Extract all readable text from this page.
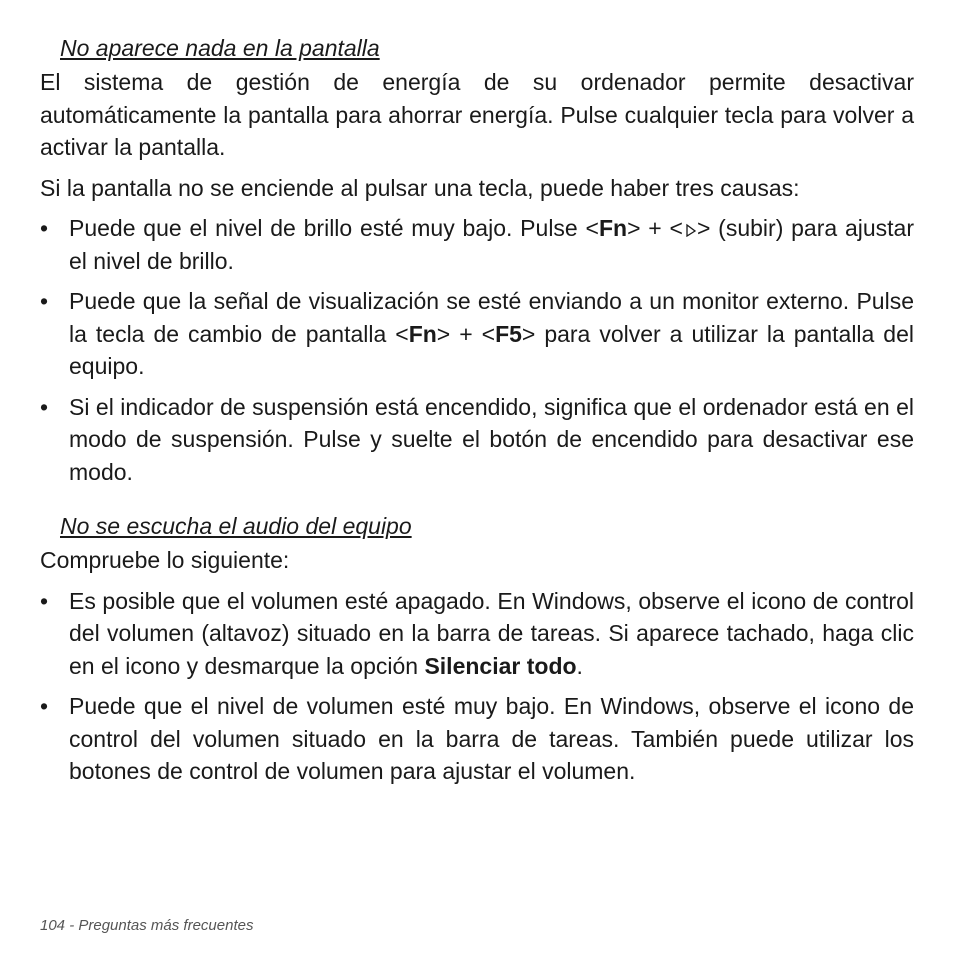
No aparece nada en la pantalla

El sistema de gestión de energía de su ordenador permite desactivar automáticamente la pantalla para ahorrar energía. Pulse cualquier tecla para volver a activar la pantalla.

Si la pantalla no se enciende al pulsar una tecla, puede haber tres causas:

• Puede que el nivel de brillo esté muy bajo. Pulse <Fn> + < > (subir) para ajustar el nivel de brillo.
• Puede que la señal de visualización se esté enviando a un monitor externo. Pulse la tecla de cambio de pantalla <Fn> + <F5> para volver a utilizar la pantalla del equipo.
• Si el indicador de suspensión está encendido, significa que el ordenador está en el modo de suspensión. Pulse y suelte el botón de encendido para desactivar ese modo.
No se escucha el audio del equipo

Compruebe lo siguiente:

• Es posible que el volumen esté apagado. En Windows, observe el icono de control del volumen (altavoz) situado en la barra de tareas. Si aparece tachado, haga clic en el icono y desmarque la opción Silenciar todo.
• Puede que el nivel de volumen esté muy bajo. En Windows, observe el icono de control del volumen situado en la barra de tareas. También puede utilizar los botones de control de volumen para ajustar el volumen.
104 - Preguntas más frecuentes
